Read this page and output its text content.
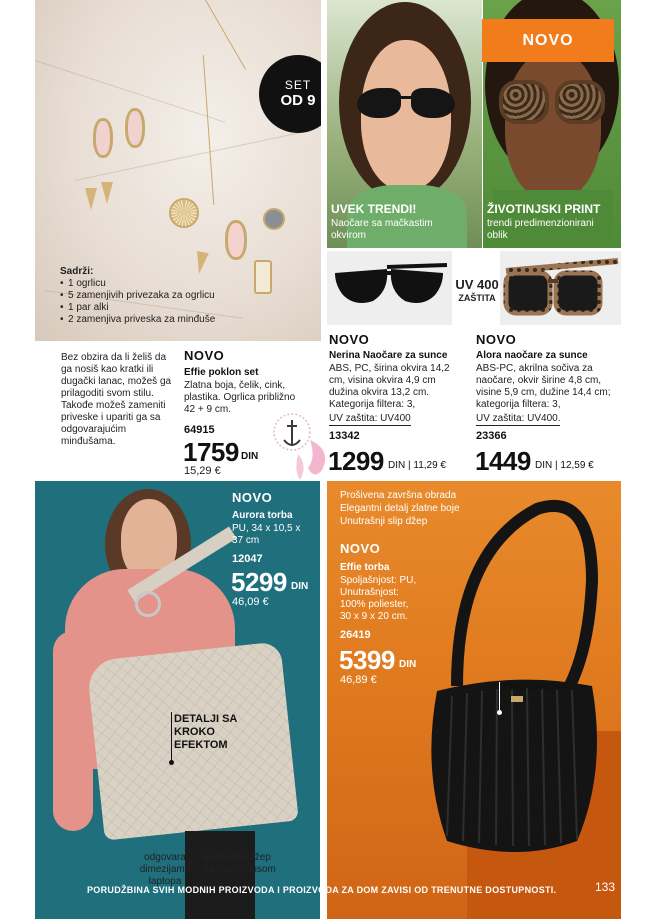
SET
OD 9
Sadrži:
• 1 ogrlicu
• 5 zamenjivih privezaka za ogrlicu
• 1 par alki
• 2 zamenjiva priveska za minđuše
UVEK TRENDI!
Naočare sa mačkastim okvirom
ŽIVOTINJSKI PRINT
trendi predimenzionirani oblik
NOVO
UV 400
ZAŠTITA
Bez obzira da li želiš da ga nosiš kao kratki ili dugački lanac, možeš ga prilagoditi svom stilu. Takođe možeš zameniti priveske i upariti ga sa odgovarajućim minđušama.
NOVO
Effie poklon set
Zlatna boja, čelik, cink, plastika. Ogrlica približno 42 + 9 cm.
64915
1759 DIN
15,29 €
NOVO
Nerina Naočare za sunce
ABS, PC, širina okvira 14,2 cm, visina okvira 4,9 cm dužina okvira 13,2 cm. Kategorija filtera: 3,
UV zaštita: UV400
13342
1299 DIN | 11,29 €
NOVO
Alora naočare za sunce
ABS-PC, akrilna sočiva za naočare, okvir širine 4,8 cm, visine 5,9 cm, dužine 14,4 cm; kategorija filtera: 3,
UV zaštita: UV400.
23366
1449 DIN | 12,59 €
NOVO
Aurora torba
PU, 34 x 10,5 x 37 cm
12047
5299 DIN
46,09 €
DETALJI SA KROKO EFEKTOM
odgovara dimezijama laptopa
unutrašnji džep sa rajsferšlusom
Prošivena završna obrada
Elegantni detalj zlatne boje
Unutrašnji slip džep
NOVO
Effie torba
Spoljašnjost: PU, Unutrašnjost: 100% poliester, 30 x 9 x 20 cm.
26419
5399 DIN
46,89 €
PROŠIVENA
PORUDŽBINA SVIH MODNIH PROIZVODA I PROIZVODA ZA DOM ZAVISI OD TRENUTNE DOSTUPNOSTI.	133
